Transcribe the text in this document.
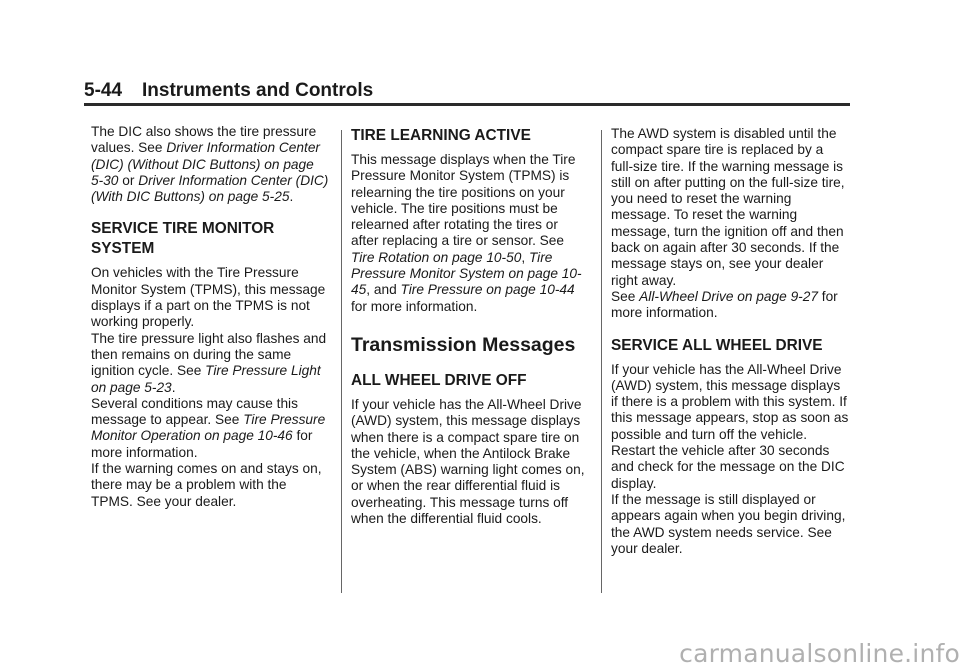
5-44 Instruments and Controls

The DIC also shows the tire pressure values. See Driver Information Center (DIC) (Without DIC Buttons) on page 5-30 or Driver Information Center (DIC) (With DIC Buttons) on page 5-25.

SERVICE TIRE MONITOR SYSTEM

On vehicles with the Tire Pressure Monitor System (TPMS), this message displays if a part on the TPMS is not working properly.

The tire pressure light also flashes and then remains on during the same ignition cycle. See Tire Pressure Light on page 5-23.

Several conditions may cause this message to appear. See Tire Pressure Monitor Operation on page 10-46 for more information.

If the warning comes on and stays on, there may be a problem with the TPMS. See your dealer.

TIRE LEARNING ACTIVE

This message displays when the Tire Pressure Monitor System (TPMS) is relearning the tire positions on your vehicle. The tire positions must be relearned after rotating the tires or after replacing a tire or sensor. See Tire Rotation on page 10-50, Tire Pressure Monitor System on page 10-45, and Tire Pressure on page 10-44 for more information.

Transmission Messages
ALL WHEEL DRIVE OFF

If your vehicle has the All-Wheel Drive (AWD) system, this message displays when there is a compact spare tire on the vehicle, when the Antilock Brake System (ABS) warning light comes on, or when the rear differential fluid is overheating. This message turns off when the differential fluid cools.

The AWD system is disabled until the compact spare tire is replaced by a full-size tire. If the warning message is still on after putting on the full-size tire, you need to reset the warning message. To reset the warning message, turn the ignition off and then back on again after 30 seconds. If the message stays on, see your dealer right away.

See All-Wheel Drive on page 9-27 for more information.

SERVICE ALL WHEEL DRIVE

If your vehicle has the All-Wheel Drive (AWD) system, this message displays if there is a problem with this system. If this message appears, stop as soon as possible and turn off the vehicle. Restart the vehicle after 30 seconds and check for the message on the DIC display.

If the message is still displayed or appears again when you begin driving, the AWD system needs service. See your dealer.

carmanualsonline.info
